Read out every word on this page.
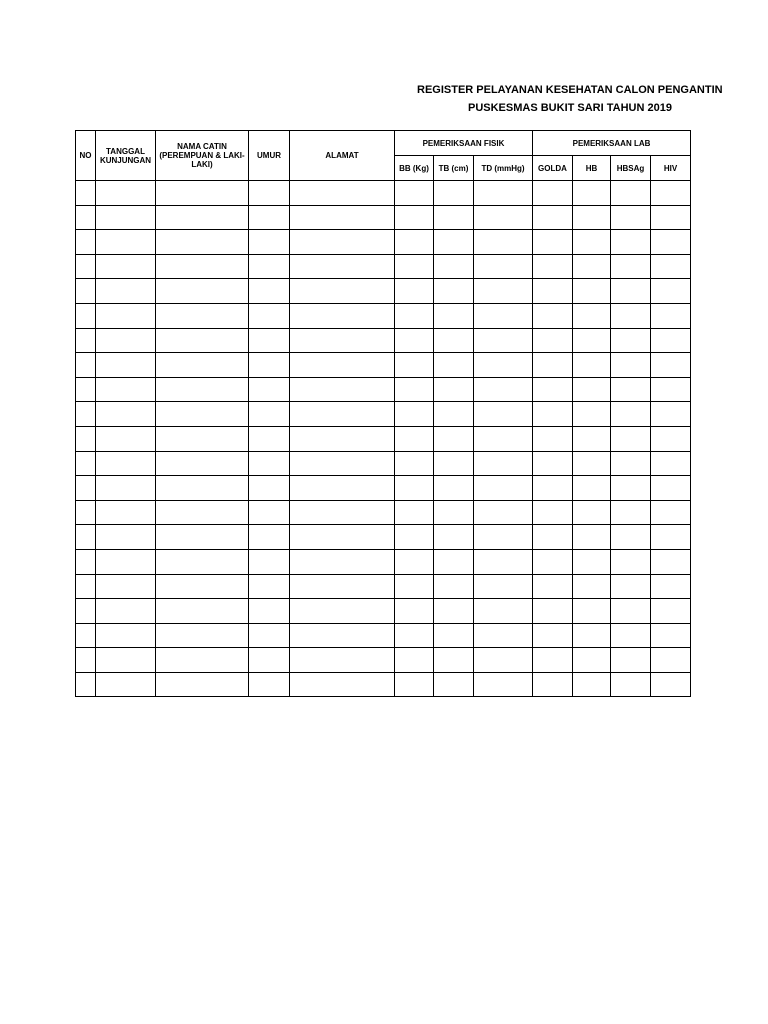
REGISTER PELAYANAN KESEHATAN CALON PENGANTIN
PUSKESMAS BUKIT SARI TAHUN 2019
NO	TANGGAL KUNJUNGAN	NAMA CATIN (PEREMPUAN & LAKI-LAKI)	UMUR	ALAMAT	PEMERIKSAAN FISIK			PEMERIKSAAN LAB			
					BB (Kg)	TB (cm)	TD (mmHg)	GOLDA	HB	HBSAg	HIV
